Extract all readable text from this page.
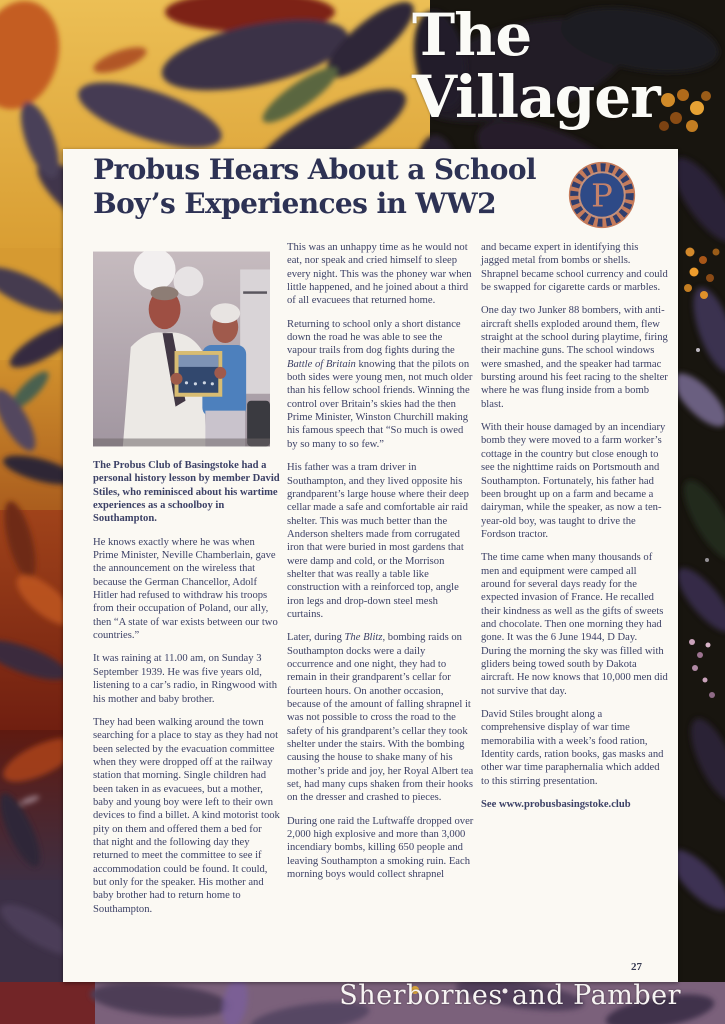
The
Villager
Probus Hears About a School
Boy’s Experiences in WW2	P

The Probus Club of Basingstoke had a personal history lesson by member David Stiles, who reminisced about his wartime experiences as a schoolboy in Southampton.

He knows exactly where he was when Prime Minister, Neville Chamberlain, gave the announcement on the wireless that because the German Chancellor, Adolf Hitler had refused to withdraw his troops from their occupation of Poland, our ally, then “A state of war exists between our two countries.”

It was raining at 11.00 am, on Sunday 3 September 1939. He was five years old, listening to a car’s radio, in Ringwood with his mother and baby brother.

They had been walking around the town searching for a place to stay as they had not been selected by the evacuation committee when they were dropped off at the railway station that morning. Single children had been taken in as evacuees, but a mother, baby and young boy were left to their own devices to find a billet. A kind motorist took pity on them and offered them a bed for that night and the following day they returned to meet the committee to see if accommodation could be found. It could, but only for the speaker. His mother and baby brother had to return home to Southampton.

This was an unhappy time as he would not eat, nor speak and cried himself to sleep every night. This was the phoney war when little happened, and he joined about a third of all evacuees that returned home.

Returning to school only a short distance down the road he was able to see the vapour trails from dog fights during the Battle of Britain knowing that the pilots on both sides were young men, not much older than his fellow school friends. Winning the control over Britain’s skies had the then Prime Minister, Winston Churchill making his famous speech that “So much is owed by so many to so few.”

His father was a tram driver in Southampton, and they lived opposite his grandparent’s large house where their deep cellar made a safe and comfortable air raid shelter. This was much better than the Anderson shelters made from corrugated iron that were buried in most gardens that were damp and cold, or the Morrison shelter that was really a table like construction with a reinforced top, angle iron legs and drop-down steel mesh curtains.

Later, during The Blitz, bombing raids on Southampton docks were a daily occurrence and one night, they had to remain in their grandparent’s cellar for fourteen hours. On another occasion, because of the amount of falling shrapnel it was not possible to cross the road to the safety of his grandparent’s cellar they took shelter under the stairs. With the bombing causing the house to shake many of his mother’s pride and joy, her Royal Albert tea set, had many cups shaken from their hooks on the dresser and crashed to pieces.

During one raid the Luftwaffe dropped over 2,000 high explosive and more than 3,000 incendiary bombs, killing 650 people and leaving Southampton a smoking ruin. Each morning boys would collect shrapnel

and became expert in identifying this jagged metal from bombs or shells. Shrapnel became school currency and could be swapped for cigarette cards or marbles.

One day two Junker 88 bombers, with anti-aircraft shells exploded around them, flew straight at the school during playtime, firing their machine guns. The school windows were smashed, and the speaker had tarmac bursting around his feet racing to the shelter where he was flung inside from a bomb blast.

With their house damaged by an incendiary bomb they were moved to a farm worker’s cottage in the country but close enough to see the nighttime raids on Portsmouth and Southampton. Fortunately, his father had been brought up on a farm and became a dairyman, while the speaker, as now a ten-year-old boy, was taught to drive the Fordson tractor.

The time came when many thousands of men and equipment were camped all around for several days ready for the expected invasion of France. He recalled their kindness as well as the gifts of sweets and chocolate. Then one morning they had gone. It was the 6 June 1944, D Day. During the morning the sky was filled with gliders being towed south by Dakota aircraft. He now knows that 10,000 men did not survive that day.

David Stiles brought along a comprehensive display of war time memorabilia with a week’s food ration, Identity cards, ration books, gas masks and other war time paraphernalia which added to this stirring presentation.

See www.probusbasingstoke.club

27
Sherbornes and Pamber
